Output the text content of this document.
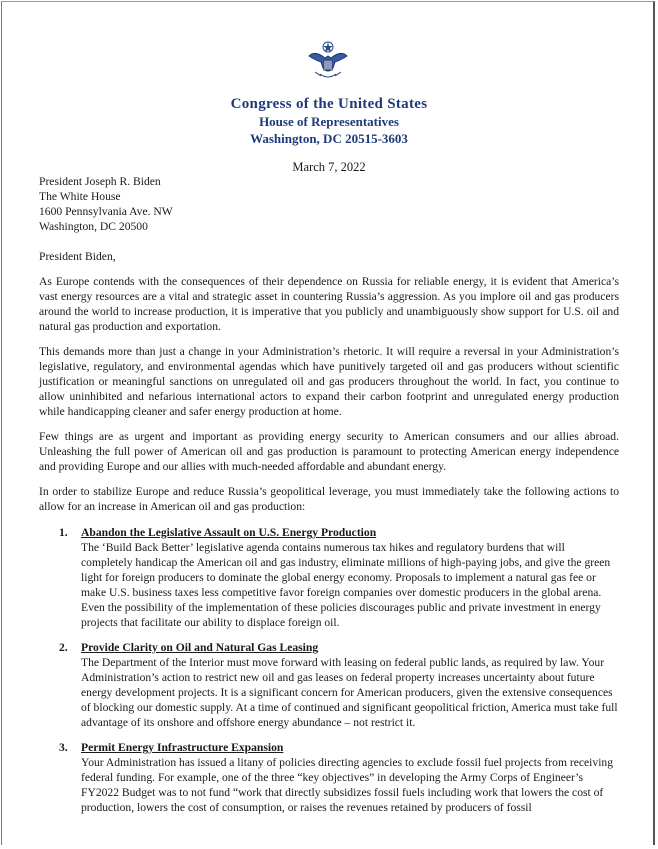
Congress of the United States
House of Representatives
Washington, DC 20515-3603
March 7, 2022
President Joseph R. Biden
The White House
1600 Pennsylvania Ave. NW
Washington, DC 20500

President Biden,

As Europe contends with the consequences of their dependence on Russia for reliable energy, it is evident that America’s vast energy resources are a vital and strategic asset in countering Russia’s aggression. As you implore oil and gas producers around the world to increase production, it is imperative that you publicly and unambiguously show support for U.S. oil and natural gas production and exportation.

This demands more than just a change in your Administration’s rhetoric. It will require a reversal in your Administration’s legislative, regulatory, and environmental agendas which have punitively targeted oil and gas producers without scientific justification or meaningful sanctions on unregulated oil and gas producers throughout the world. In fact, you continue to allow uninhibited and nefarious international actors to expand their carbon footprint and unregulated energy production while handicapping cleaner and safer energy production at home.

Few things are as urgent and important as providing energy security to American consumers and our allies abroad. Unleashing the full power of American oil and gas production is paramount to protecting American energy independence and providing Europe and our allies with much-needed affordable and abundant energy.

In order to stabilize Europe and reduce Russia’s geopolitical leverage, you must immediately take the following actions to allow for an increase in American oil and gas production:

1. Abandon the Legislative Assault on U.S. Energy Production
The ‘Build Back Better’ legislative agenda contains numerous tax hikes and regulatory burdens that will completely handicap the American oil and gas industry, eliminate millions of high-paying jobs, and give the green light for foreign producers to dominate the global energy economy. Proposals to implement a natural gas fee or make U.S. business taxes less competitive favor foreign companies over domestic producers in the global arena. Even the possibility of the implementation of these policies discourages public and private investment in energy projects that facilitate our ability to displace foreign oil.
2. Provide Clarity on Oil and Natural Gas Leasing
The Department of the Interior must move forward with leasing on federal public lands, as required by law. Your Administration’s action to restrict new oil and gas leases on federal property increases uncertainty about future energy development projects. It is a significant concern for American producers, given the extensive consequences of blocking our domestic supply. At a time of continued and significant geopolitical friction, America must take full advantage of its onshore and offshore energy abundance – not restrict it.
3. Permit Energy Infrastructure Expansion
Your Administration has issued a litany of policies directing agencies to exclude fossil fuel projects from receiving federal funding. For example, one of the three “key objectives” in developing the Army Corps of Engineer’s FY2022 Budget was to not fund “work that directly subsidizes fossil fuels including work that lowers the cost of production, lowers the cost of consumption, or raises the revenues retained by producers of fossil
